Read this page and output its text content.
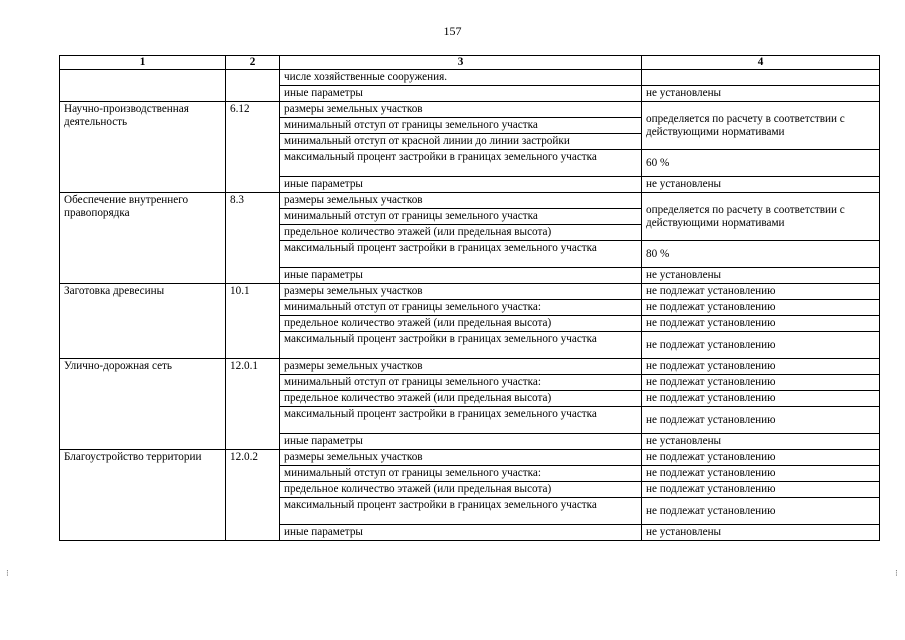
157
1	2	3	4
		числе хозяйственные сооружения.	
		иные параметры	не установлены
Научно-производственная деятельность	6.12	размеры земельных участков	определяется по расчету в соответствии с действующими нормативами
		минимальный отступ от границы земельного участка	
		минимальный отступ от красной линии до линии застройки	
		максимальный процент застройки в границах земельного участка	60 %
		иные параметры	не установлены
Обеспечение внутреннего правопорядка	8.3	размеры земельных участков	определяется по расчету в соответствии с действующими нормативами
		минимальный отступ от границы земельного участка	
		предельное количество этажей (или предельная высота)	
		максимальный процент застройки в границах земельного участка	80 %
		иные параметры	не установлены
Заготовка древесины	10.1	размеры земельных участков	не подлежат установлению
		минимальный отступ от границы земельного участка:	не подлежат установлению
		предельное количество этажей (или предельная высота)	не подлежат установлению
		максимальный процент застройки в границах земельного участка	не подлежат установлению
Улично-дорожная сеть	12.0.1	размеры земельных участков	не подлежат установлению
		минимальный отступ от границы земельного участка:	не подлежат установлению
		предельное количество этажей (или предельная высота)	не подлежат установлению
		максимальный процент застройки в границах земельного участка	не подлежат установлению
		иные параметры	не установлены
Благоустройство территории	12.0.2	размеры земельных участков	не подлежат установлению
		минимальный отступ от границы земельного участка:	не подлежат установлению
		предельное количество этажей (или предельная высота)	не подлежат установлению
		максимальный процент застройки в границах земельного участка	не подлежат установлению
		иные параметры	не установлены
⁝	⁝
